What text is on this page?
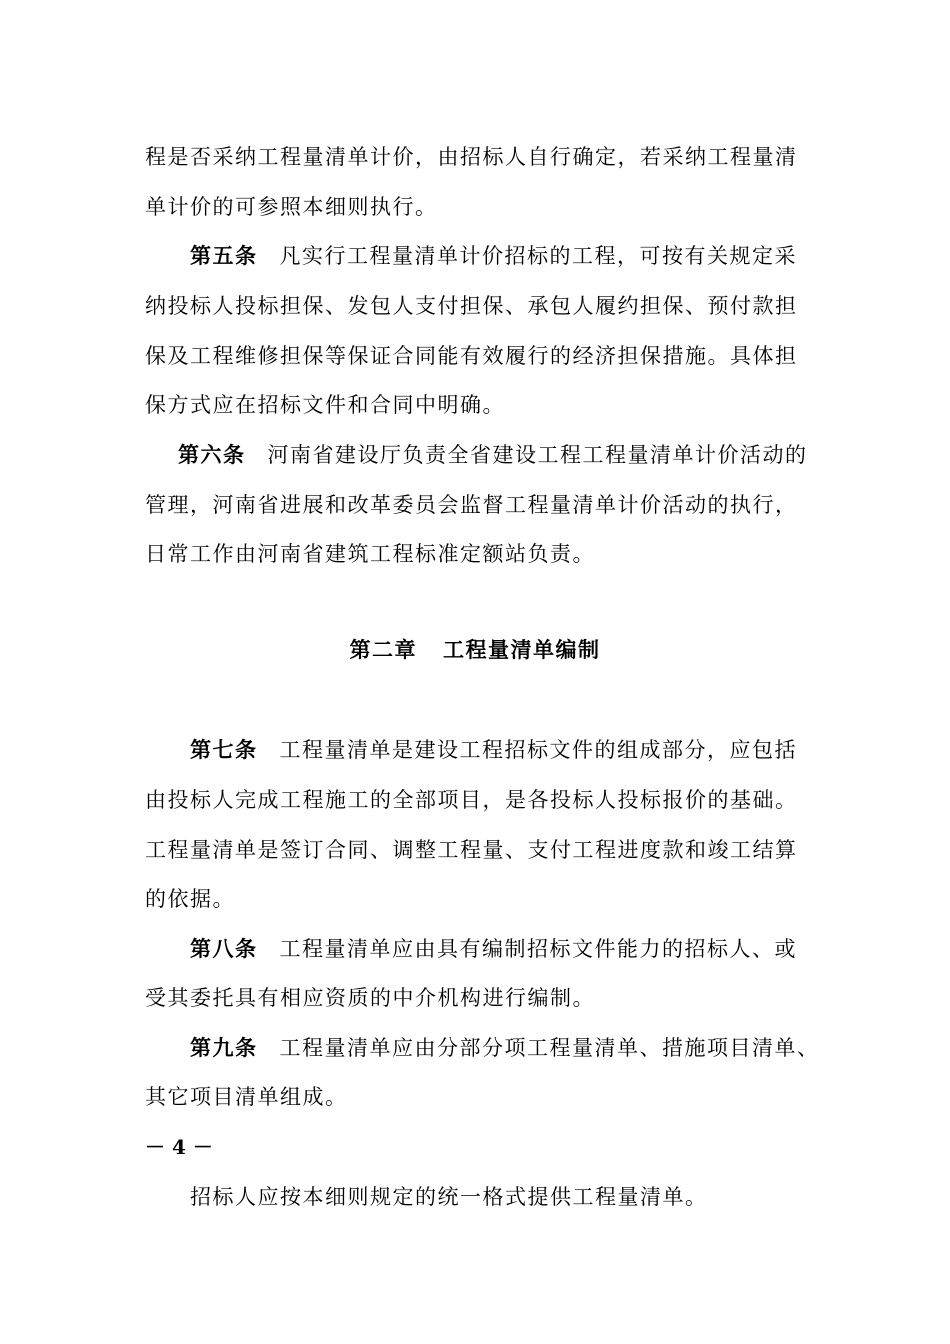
程是否采纳工程量清单计价，由招标人自行确定，若采纳工程量清
单计价的可参照本细则执行。
第五条 凡实行工程量清单计价招标的工程，可按有关规定采
纳投标人投标担保、发包人支付担保、承包人履约担保、预付款担
保及工程维修担保等保证合同能有效履行的经济担保措施。具体担
保方式应在招标文件和合同中明确。
第六条 河南省建设厅负责全省建设工程工程量清单计价活动的
管理，河南省进展和改革委员会监督工程量清单计价活动的执行，
日常工作由河南省建筑工程标准定额站负责。
第二章 工程量清单编制
第七条 工程量清单是建设工程招标文件的组成部分，应包括
由投标人完成工程施工的全部项目，是各投标人投标报价的基础。
工程量清单是签订合同、调整工程量、支付工程进度款和竣工结算
的依据。
第八条 工程量清单应由具有编制招标文件能力的招标人、或
受其委托具有相应资质的中介机构进行编制。
第九条 工程量清单应由分部分项工程量清单、措施项目清单、
其它项目清单组成。
－ 4 －
招标人应按本细则规定的统一格式提供工程量清单。
